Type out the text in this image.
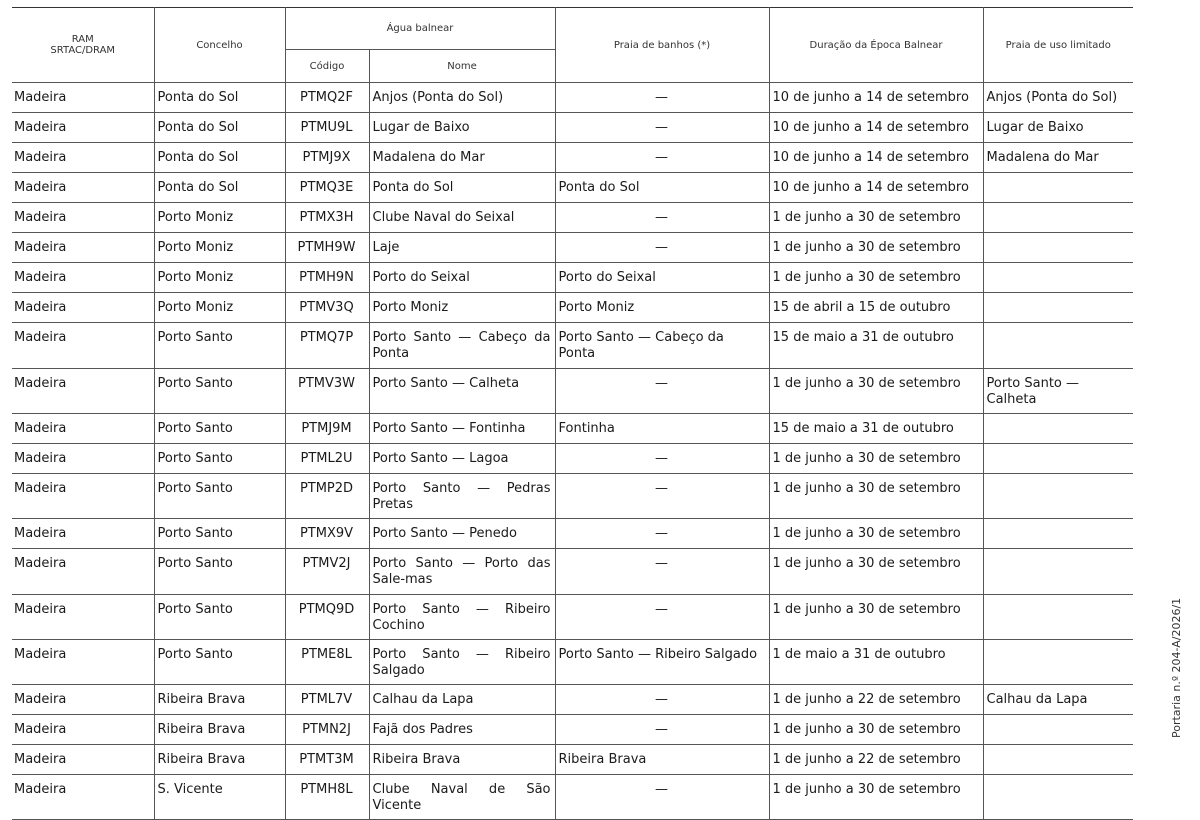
RAM
SRTAC/DRAM	Concelho	Água balnear		Praia de banhos (*)	Duração da Época Balnear	Praia de uso limitado
		Código	Nome			
Madeira	Ponta do Sol	PTMQ2F	Anjos (Ponta do Sol)	—	10 de junho a 14 de setembro	Anjos (Ponta do Sol)
Madeira	Ponta do Sol	PTMU9L	Lugar de Baixo	—	10 de junho a 14 de setembro	Lugar de Baixo
Madeira	Ponta do Sol	PTMJ9X	Madalena do Mar	—	10 de junho a 14 de setembro	Madalena do Mar
Madeira	Ponta do Sol	PTMQ3E	Ponta do Sol	Ponta do Sol	10 de junho a 14 de setembro	
Madeira	Porto Moniz	PTMX3H	Clube Naval do Seixal	—	1 de junho a 30 de setembro	
Madeira	Porto Moniz	PTMH9W	Laje	—	1 de junho a 30 de setembro	
Madeira	Porto Moniz	PTMH9N	Porto do Seixal	Porto do Seixal	1 de junho a 30 de setembro	
Madeira	Porto Moniz	PTMV3Q	Porto Moniz	Porto Moniz	15 de abril a 15 de outubro	
Madeira	Porto Santo	PTMQ7P	Porto Santo — Cabeço da Ponta	Porto Santo — Cabeço da Ponta	15 de maio a 31 de outubro	
Madeira	Porto Santo	PTMV3W	Porto Santo — Calheta	—	1 de junho a 30 de setembro	Porto Santo — Calheta
Madeira	Porto Santo	PTMJ9M	Porto Santo — Fontinha	Fontinha	15 de maio a 31 de outubro	
Madeira	Porto Santo	PTML2U	Porto Santo — Lagoa	—	1 de junho a 30 de setembro	
Madeira	Porto Santo	PTMP2D	Porto Santo — Pedras Pretas	—	1 de junho a 30 de setembro	
Madeira	Porto Santo	PTMX9V	Porto Santo — Penedo	—	1 de junho a 30 de setembro	
Madeira	Porto Santo	PTMV2J	Porto Santo — Porto das Sale-mas	—	1 de junho a 30 de setembro	
Madeira	Porto Santo	PTMQ9D	Porto Santo — Ribeiro Cochino	—	1 de junho a 30 de setembro	
Madeira	Porto Santo	PTME8L	Porto Santo — Ribeiro Salgado	Porto Santo — Ribeiro Salgado	1 de maio a 31 de outubro	
Madeira	Ribeira Brava	PTML7V	Calhau da Lapa	—	1 de junho a 22 de setembro	Calhau da Lapa
Madeira	Ribeira Brava	PTMN2J	Fajã dos Padres	—	1 de junho a 30 de setembro	
Madeira	Ribeira Brava	PTMT3M	Ribeira Brava	Ribeira Brava	1 de junho a 22 de setembro	
Madeira	S. Vicente	PTMH8L	Clube Naval de São Vicente	—	1 de junho a 30 de setembro	
Portaria n.º 204-A/2026/1
